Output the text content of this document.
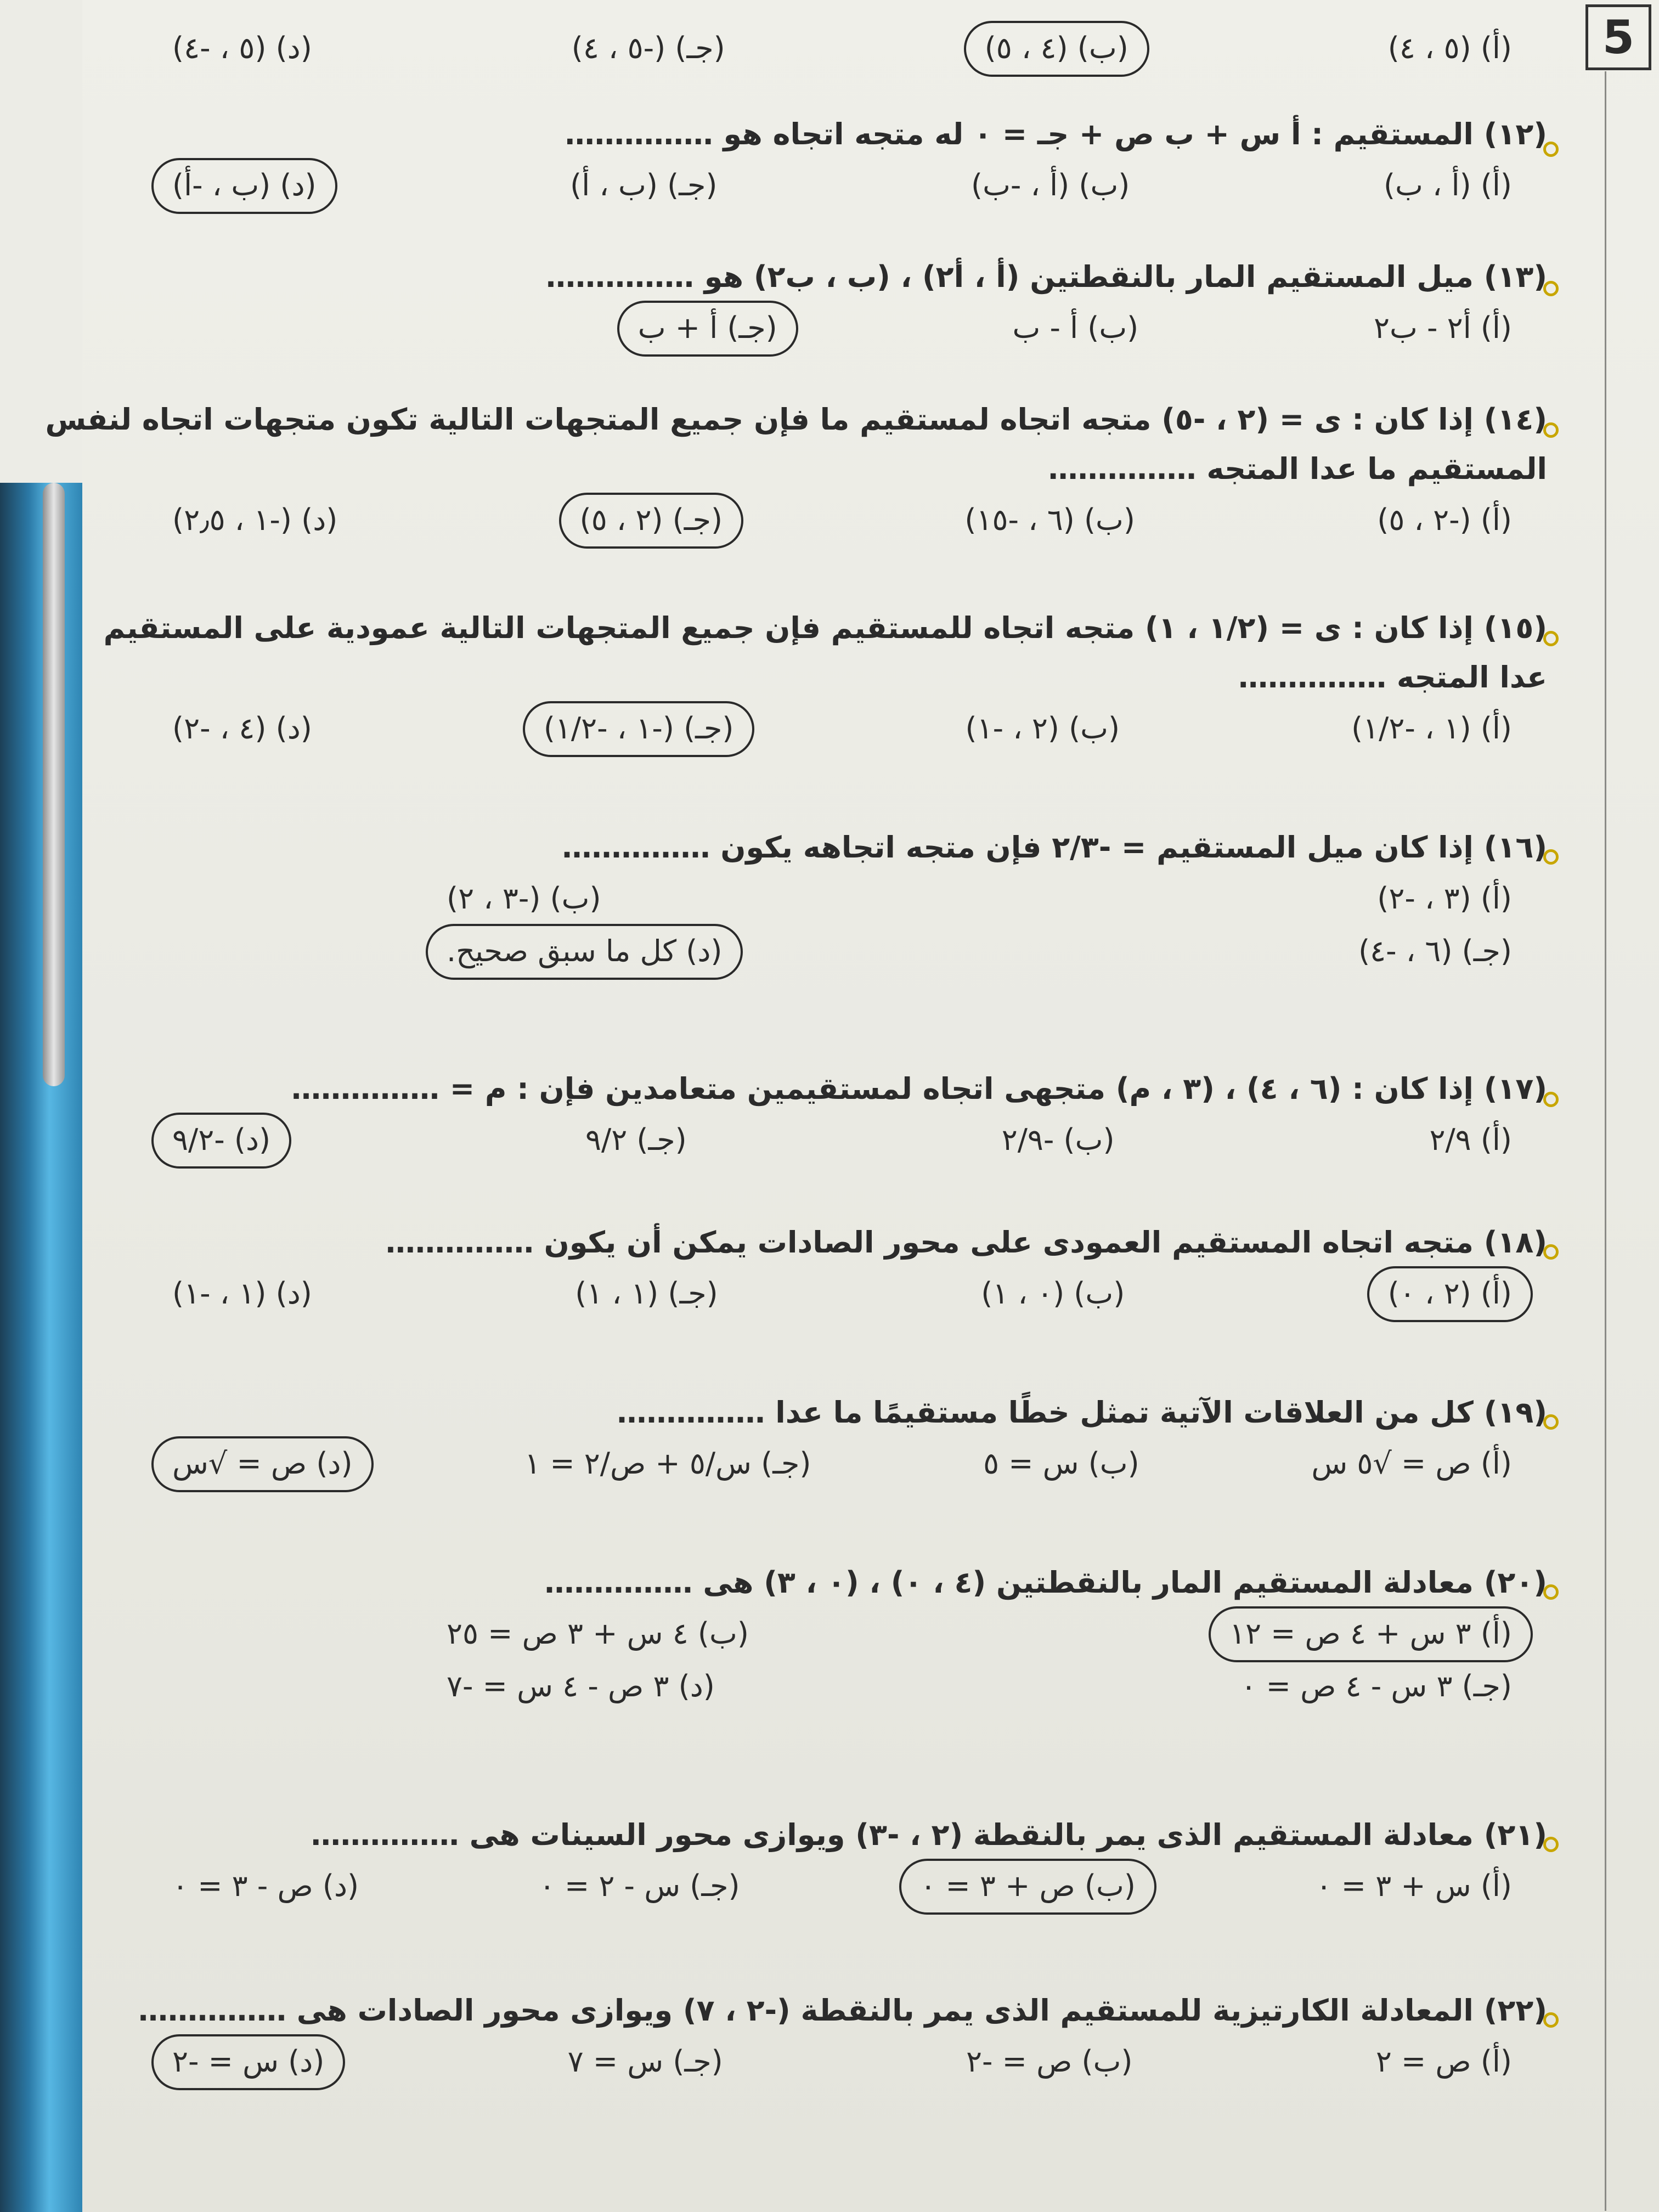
5
(أ) (٥ ، ٤)
(ب) (٤ ، ٥)
(جـ) (-٥ ، ٤)
(د) (٥ ، -٤)
(١٢) المستقيم : أ س + ب ص + جـ = ٠ له متجه اتجاه هو ……………
(أ) (أ ، ب)
(ب) (أ ، -ب)
(جـ) (ب ، أ)
(د) (ب ، -أ)
(١٣) ميل المستقيم المار بالنقطتين (أ ، أ٢) ، (ب ، ب٢) هو ……………
(أ) أ٢ - ب٢
(ب) أ - ب
(جـ) أ + ب
(١٤) إذا كان : ى = (٢ ، -٥) متجه اتجاه لمستقيم ما فإن جميع المتجهات التالية تكون متجهات اتجاه لنفس
المستقيم ما عدا المتجه ……………
(أ) (-٢ ، ٥)
(ب) (٦ ، -١٥)
(جـ) (٢ ، ٥)
(د) (-١ ، ٢٫٥)
(١٥) إذا كان : ى = (١/٢ ، ١) متجه اتجاه للمستقيم فإن جميع المتجهات التالية عمودية على المستقيم
عدا المتجه ……………
(أ) (١ ، -١/٢)
(ب) (٢ ، -١)
(جـ) (-١ ، -١/٢)
(د) (٤ ، -٢)
(١٦) إذا كان ميل المستقيم = -٢/٣ فإن متجه اتجاهه يكون ……………
(أ) (٣ ، -٢)
(ب) (-٣ ، ٢)
(جـ) (٦ ، -٤)
(د) كل ما سبق صحيح.
(١٧) إذا كان : (٦ ، ٤) ، (٣ ، م) متجهى اتجاه لمستقيمين متعامدين فإن : م = ……………
(أ) ٢/٩
(ب) -٢/٩
(جـ) ٩/٢
(د) -٩/٢
(١٨) متجه اتجاه المستقيم العمودى على محور الصادات يمكن أن يكون ……………
(أ) (٢ ، ٠)
(ب) (٠ ، ١)
(جـ) (١ ، ١)
(د) (١ ، -١)
(١٩) كل من العلاقات الآتية تمثل خطًا مستقيمًا ما عدا ……………
(أ) ص = √٥ س
(ب) س = ٥
(جـ) س/٥ + ص/٢ = ١
(د) ص = √س
(٢٠) معادلة المستقيم المار بالنقطتين (٤ ، ٠) ، (٠ ، ٣) هى ……………
(أ) ٣ س + ٤ ص = ١٢
(ب) ٤ س + ٣ ص = ٢٥
(جـ) ٣ س - ٤ ص = ٠
(د) ٣ ص - ٤ س = -٧
(٢١) معادلة المستقيم الذى يمر بالنقطة (٢ ، -٣) ويوازى محور السينات هى ……………
(أ) س + ٣ = ٠
(ب) ص + ٣ = ٠
(جـ) س - ٢ = ٠
(د) ص - ٣ = ٠
(٢٢) المعادلة الكارتيزية للمستقيم الذى يمر بالنقطة (-٢ ، ٧) ويوازى محور الصادات هى ……………
(أ) ص = ٢
(ب) ص = -٢
(جـ) س = ٧
(د) س = -٢
